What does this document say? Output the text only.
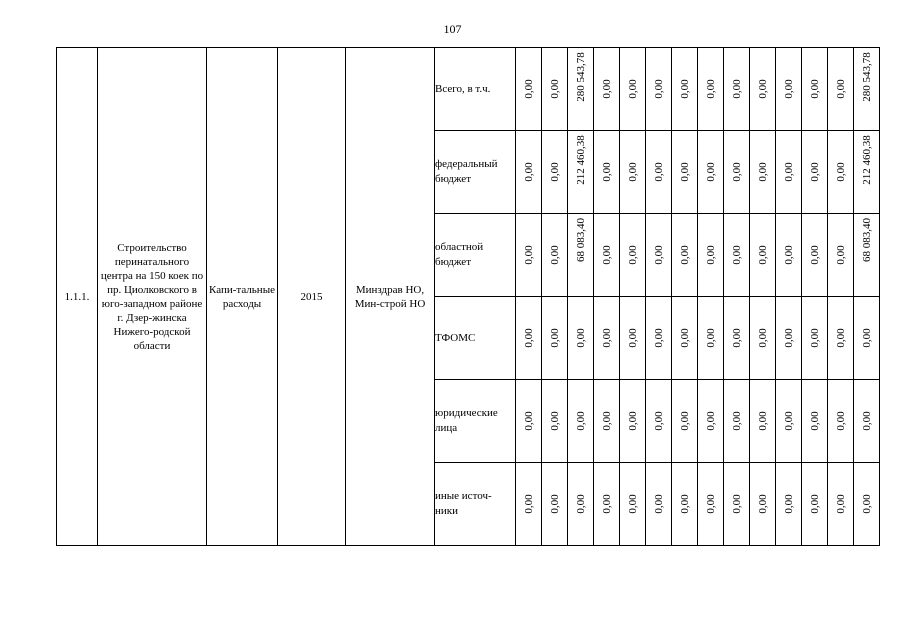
107
1.1.1.	Строительство перинатального центра на 150 коек по пр. Циолковского в юго-западном районе г. Дзер-жинска Нижего-родской области	Капи-тальные расходы	2015	Минздрав НО, Мин-строй НО	Всего, в т.ч.	0,00	0,00	280 543,78	0,00	0,00	0,00	0,00	0,00	0,00	0,00	0,00	0,00	0,00	280 543,78

					федеральный
бюджет	0,00	0,00	212 460,38	0,00	0,00	0,00	0,00	0,00	0,00	0,00	0,00	0,00	0,00	212 460,38

					областной
бюджет	0,00	0,00	68 083,40	0,00	0,00	0,00	0,00	0,00	0,00	0,00	0,00	0,00	0,00	68 083,40

					ТФОМС	0,00	0,00	0,00	0,00	0,00	0,00	0,00	0,00	0,00	0,00	0,00	0,00	0,00	0,00

					юридические
лица	0,00	0,00	0,00	0,00	0,00	0,00	0,00	0,00	0,00	0,00	0,00	0,00	0,00	0,00

					иные источ-
ники	0,00	0,00	0,00	0,00	0,00	0,00	0,00	0,00	0,00	0,00	0,00	0,00	0,00	0,00
